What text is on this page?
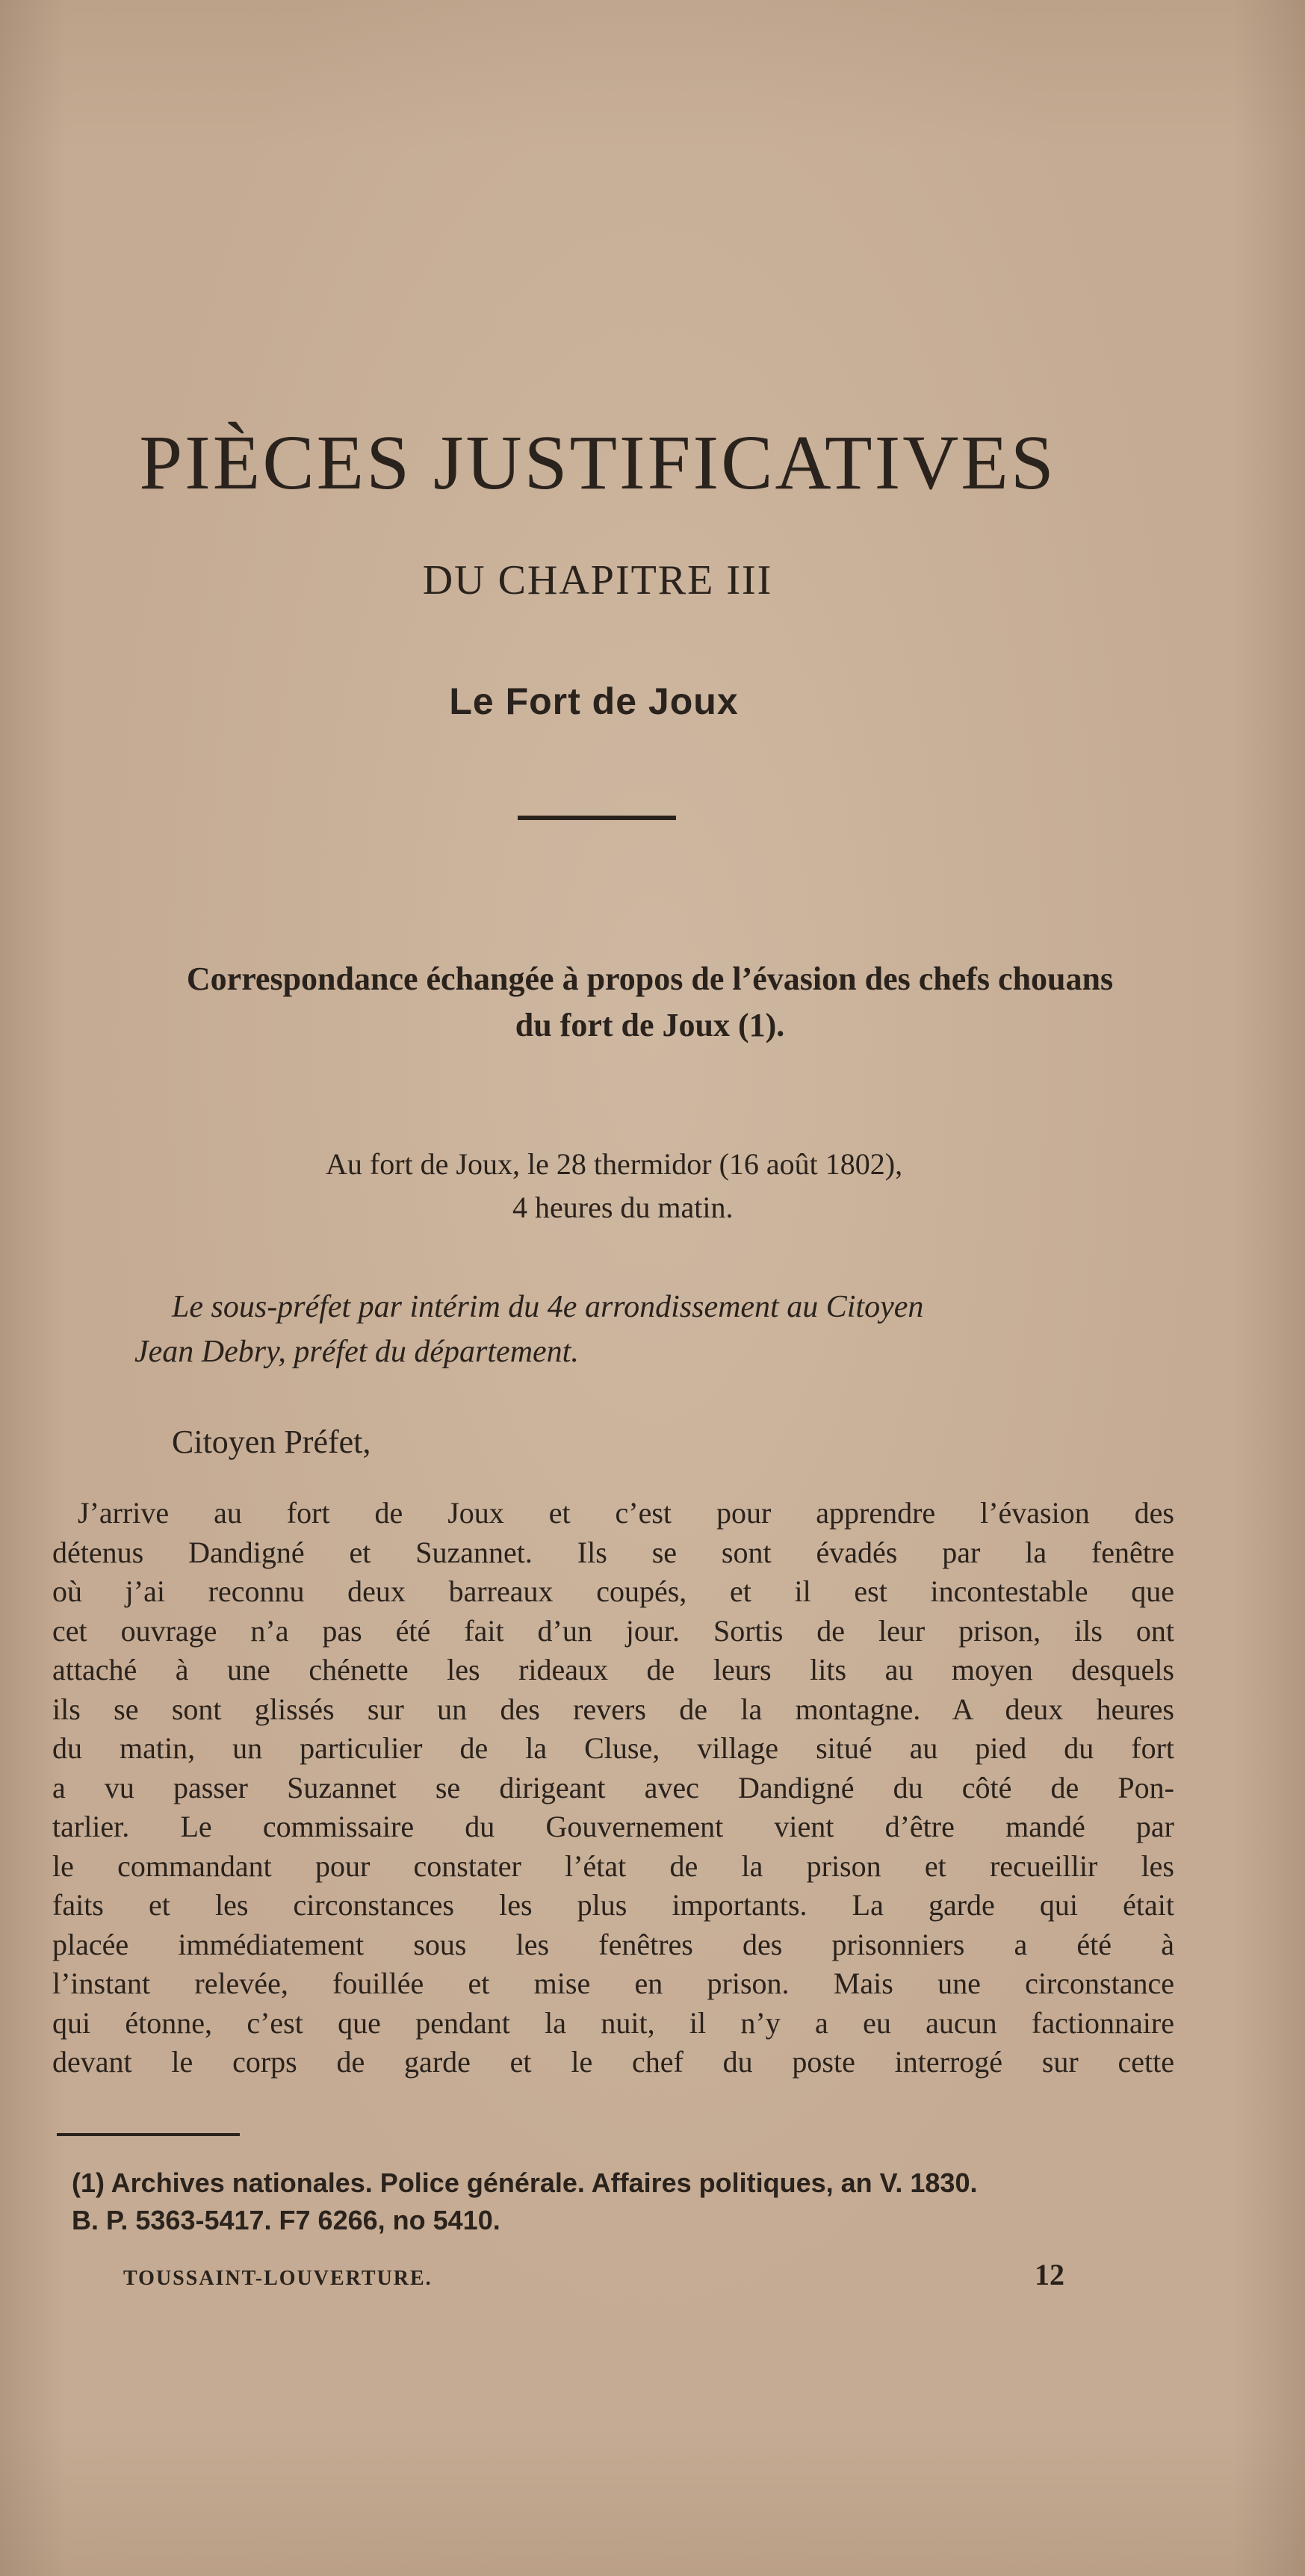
PIÈCES JUSTIFICATIVES
DU CHAPITRE III
Le Fort de Joux
Correspondance échangée à propos de l’évasion des chefs chouans
du fort de Joux (1).
Au fort de Joux, le 28 thermidor (16 août 1802),
4 heures du matin.
Le sous-préfet par intérim du 4e arrondissement au Citoyen
Jean Debry, préfet du département.
Citoyen Préfet,
J’arrive au fort de Joux et c’est pour apprendre l’évasion des
détenus Dandigné et Suzannet. Ils se sont évadés par la fenêtre
où j’ai reconnu deux barreaux coupés, et il est incontestable que
cet ouvrage n’a pas été fait d’un jour. Sortis de leur prison, ils ont
attaché à une chénette les rideaux de leurs lits au moyen desquels
ils se sont glissés sur un des revers de la montagne. A deux heures
du matin, un particulier de la Cluse, village situé au pied du fort
a vu passer Suzannet se dirigeant avec Dandigné du côté de Pon-
tarlier. Le commissaire du Gouvernement vient d’être mandé par
le commandant pour constater l’état de la prison et recueillir les
faits et les circonstances les plus importants. La garde qui était
placée immédiatement sous les fenêtres des prisonniers a été à
l’instant relevée, fouillée et mise en prison. Mais une circonstance
qui étonne, c’est que pendant la nuit, il n’y a eu aucun factionnaire
devant le corps de garde et le chef du poste interrogé sur cette
(1) Archives nationales. Police générale. Affaires politiques, an V. 1830.
B. P. 5363-5417. F7 6266, no 5410.
TOUSSAINT-LOUVERTURE.	12
